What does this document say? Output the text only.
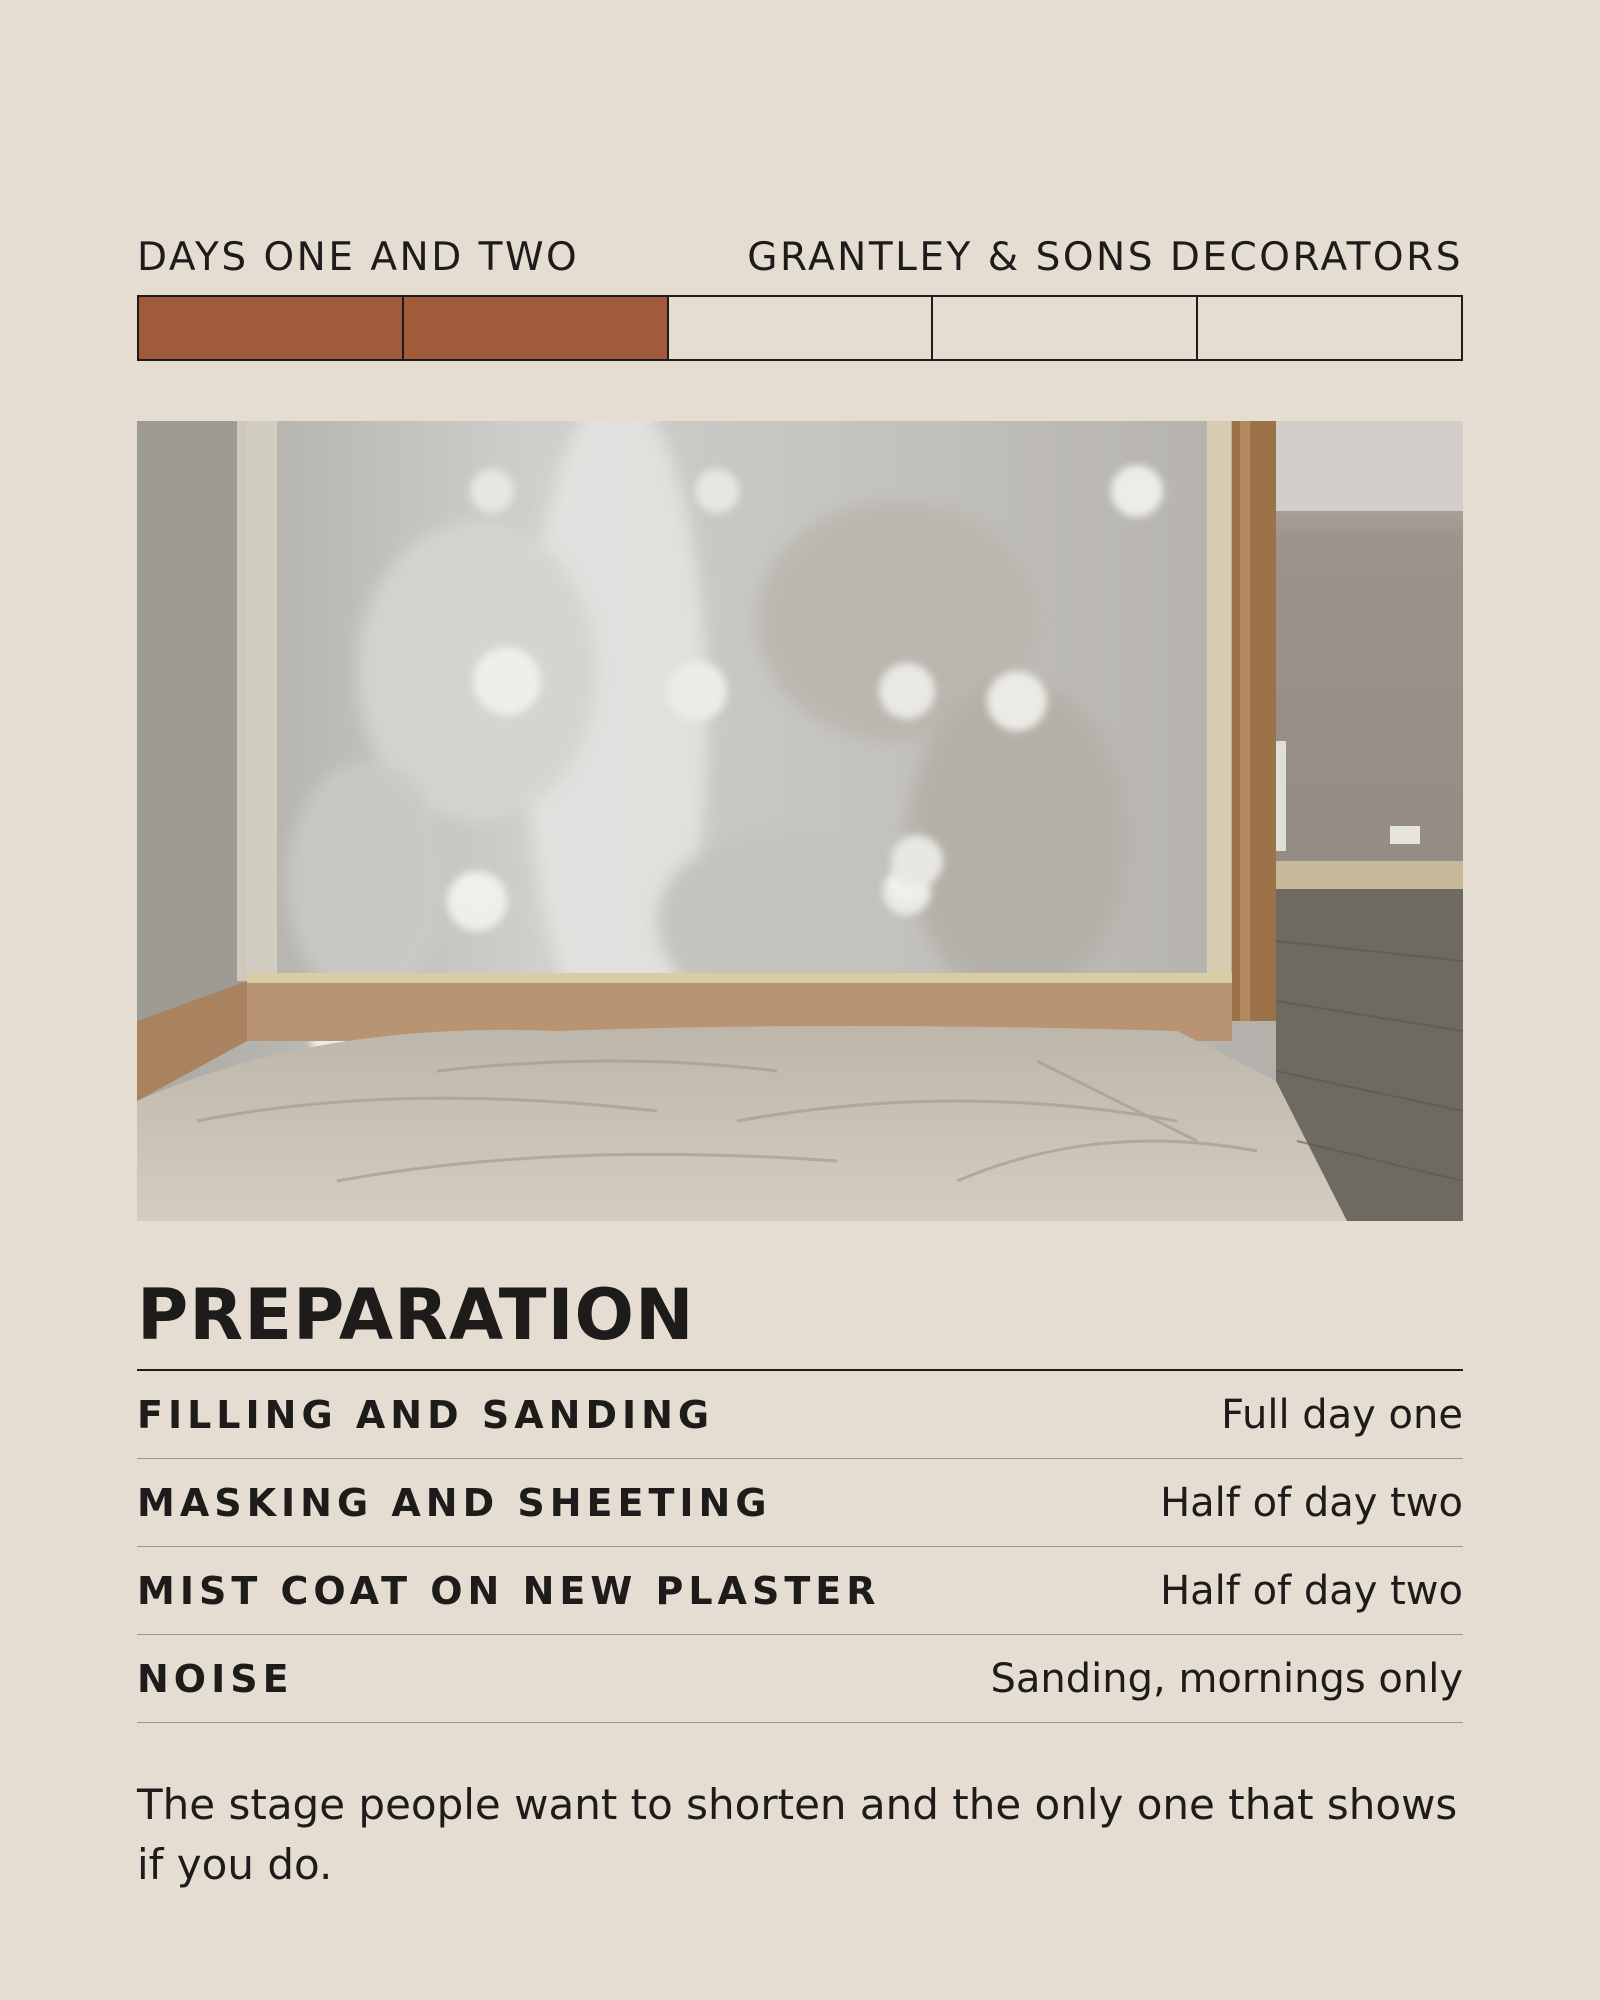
DAYS ONE AND TWO	GRANTLEY & SONS DECORATORS
PREPARATION
FILLING AND SANDING	Full day one
MASKING AND SHEETING	Half of day two
MIST COAT ON NEW PLASTER	Half of day two
NOISE	Sanding, mornings only
The stage people want to shorten and the only one that shows if you do.
